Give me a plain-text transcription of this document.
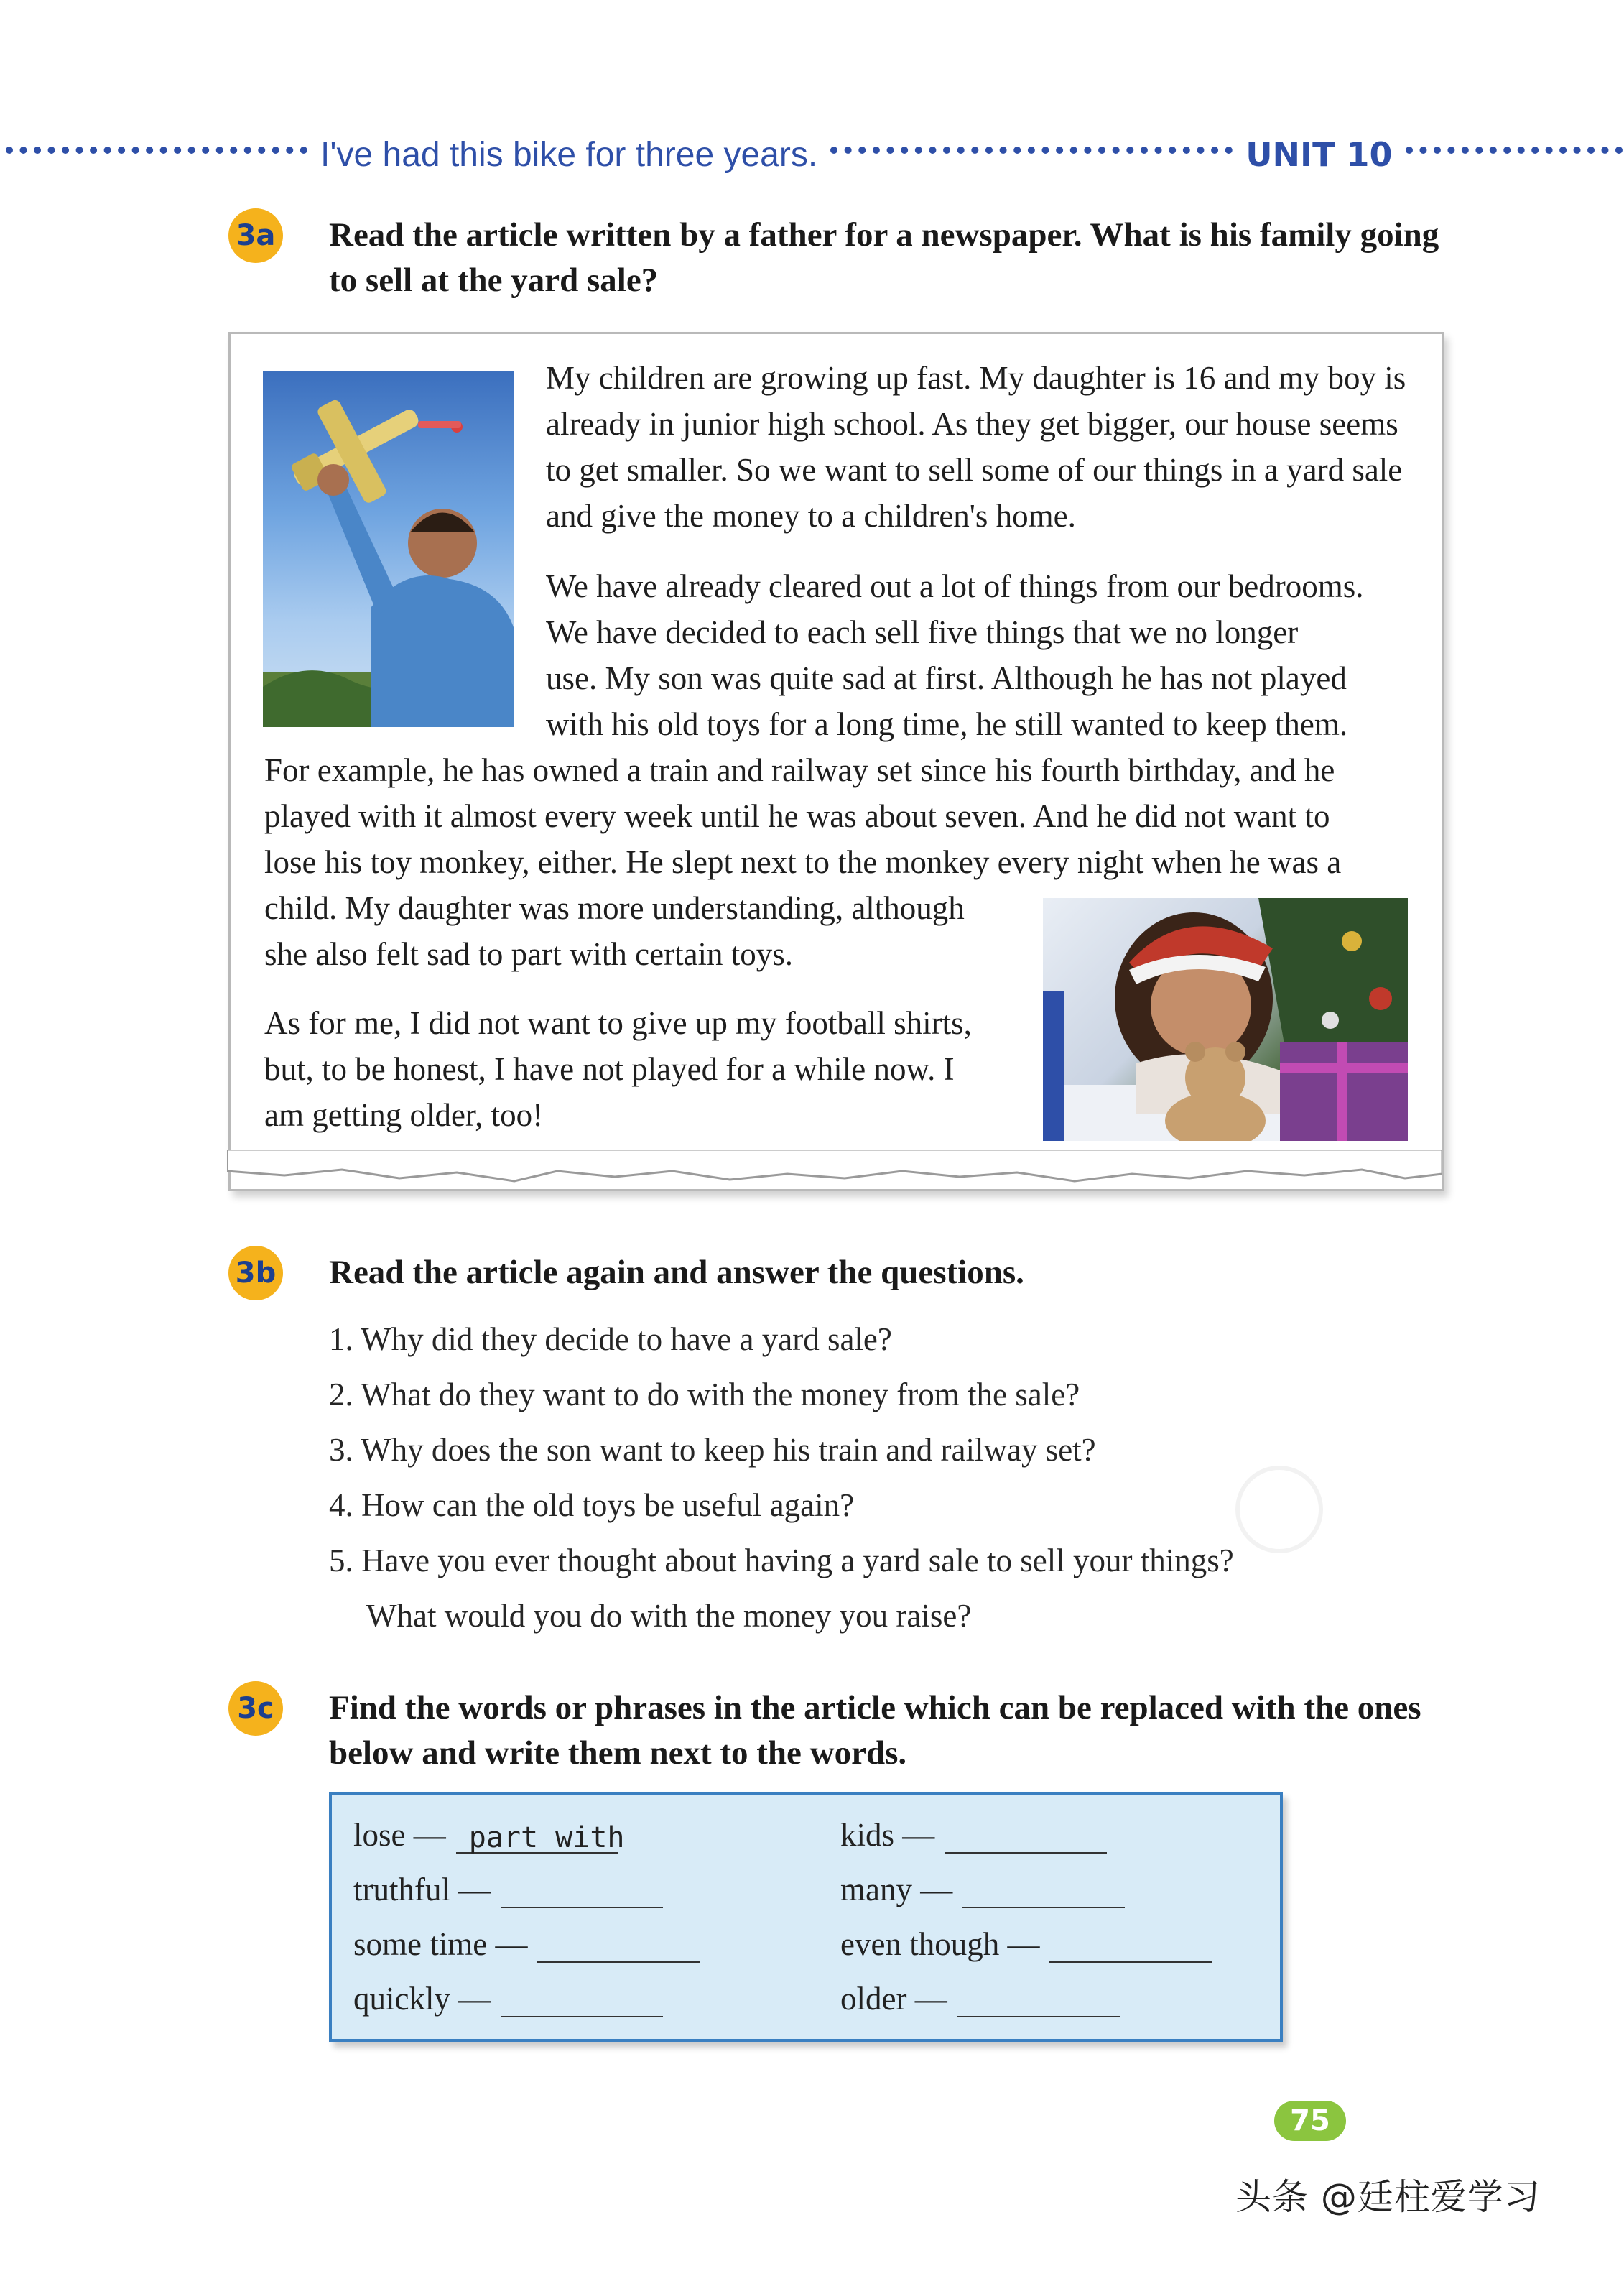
I've had this bike for three years.	UNIT 10
3a Read the article written by a father for a newspaper. What is his family going to sell at the yard sale?
My children are growing up fast. My daughter is 16 and my boy is already in junior high school. As they get bigger, our house seems to get smaller. So we want to sell some of our things in a yard sale and give the money to a children's home.

We have already cleared out a lot of things from our bedrooms.

We have decided to each sell five things that we no longer

use. My son was quite sad at first. Although he has not played

with his old toys for a long time, he still wanted to keep them.

For example, he has owned a train and railway set since his fourth birthday, and he

played with it almost every week until he was about seven. And he did not want to

lose his toy monkey, either. He slept next to the monkey every night when he was a

child. My daughter was more understanding, although

she also felt sad to part with certain toys.

As for me, I did not want to give up my football shirts,

but, to be honest, I have not played for a while now. I

am getting older, too!

3b Read the article again and answer the questions.
1. Why did they decide to have a yard sale?
2. What do they want to do with the money from the sale?
3. Why does the son want to keep his train and railway set?
4. How can the old toys be useful again?
5. Have you ever thought about having a yard sale to sell your things?
What would you do with the money you raise?
3c Find the words or phrases in the article which can be replaced with the ones below and write them next to the words.
lose — part with
truthful —
some time —
quickly —
kids —
many —
even though —
older —
75
头条 @廷柱爱学习
